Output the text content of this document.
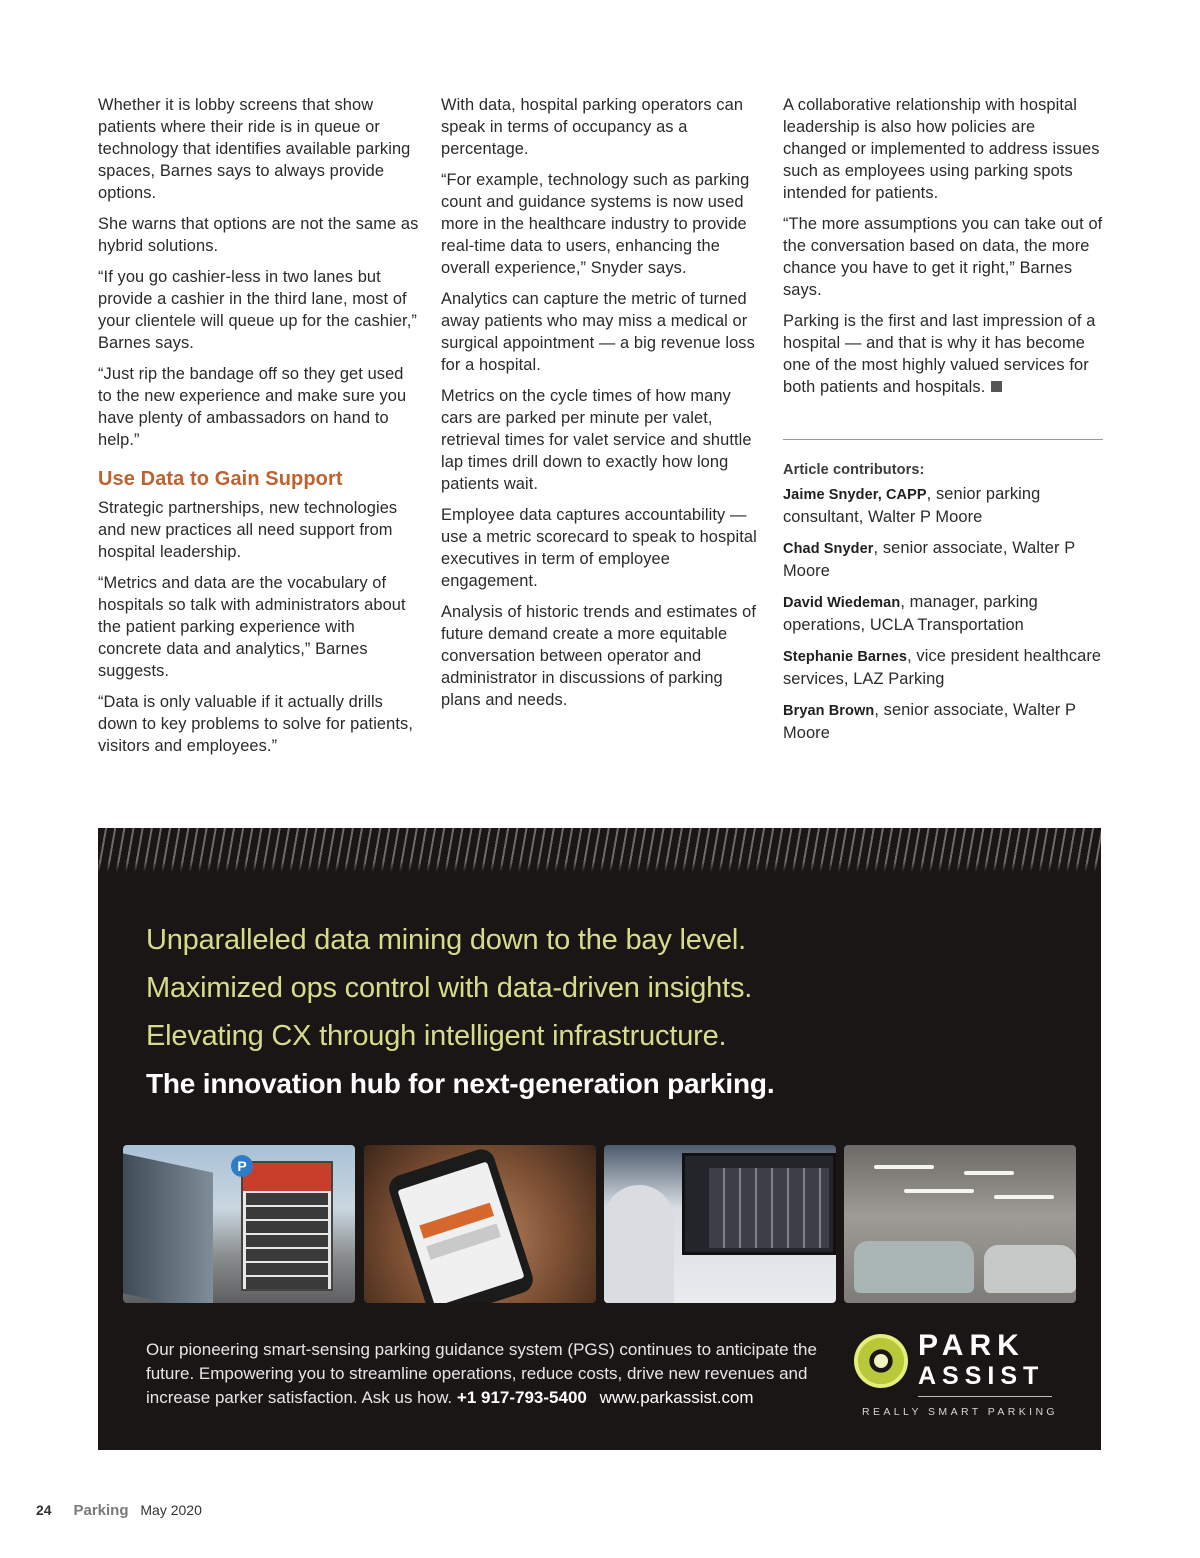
Whether it is lobby screens that show patients where their ride is in queue or technology that identifies available parking spaces, Barnes says to always provide options.

She warns that options are not the same as hybrid solutions.

“If you go cashier-less in two lanes but provide a cashier in the third lane, most of your clientele will queue up for the cashier,” Barnes says.

“Just rip the bandage off so they get used to the new experience and make sure you have plenty of ambassadors on hand to help.”

Use Data to Gain Support

Strategic partnerships, new technologies and new practices all need support from hospital leadership.

“Metrics and data are the vocabulary of hospitals so talk with administrators about the patient parking experience with concrete data and analytics,” Barnes suggests.

“Data is only valuable if it actually drills down to key problems to solve for patients, visitors and employees.”

With data, hospital parking operators can speak in terms of occupancy as a percentage.

“For example, technology such as parking count and guidance systems is now used more in the healthcare industry to provide real-time data to users, enhancing the overall experience,” Snyder says.

Analytics can capture the metric of turned away patients who may miss a medical or surgical appointment — a big revenue loss for a hospital.

Metrics on the cycle times of how many cars are parked per minute per valet, retrieval times for valet service and shuttle lap times drill down to exactly how long patients wait.

Employee data captures accountability — use a metric scorecard to speak to hospital executives in term of employee engagement.

Analysis of historic trends and estimates of future demand create a more equitable conversation between operator and administrator in discussions of parking plans and needs.

A collaborative relationship with hospital leadership is also how policies are changed or implemented to address issues such as employees using parking spots intended for patients.

“The more assumptions you can take out of the conversation based on data, the more chance you have to get it right,” Barnes says.

Parking is the first and last impression of a hospital — and that is why it has become one of the most highly valued services for both patients and hospitals.

Article contributors:

Jaime Snyder, CAPP, senior parking consultant, Walter P Moore

Chad Snyder, senior associate, Walter P Moore

David Wiedeman, manager, parking operations, UCLA Transportation

Stephanie Barnes, vice president healthcare services, LAZ Parking

Bryan Brown, senior associate, Walter P Moore

Unparalleled data mining down to the bay level.
Maximized ops control with data-driven insights.
Elevating CX through intelligent infrastructure.
The innovation hub for next-generation parking.
P
Our pioneering smart-sensing parking guidance system (PGS) continues to anticipate the future. Empowering you to streamline operations, reduce costs, drive new revenues and increase parker satisfaction. Ask us how. +1 917-793-5400 www.parkassist.com
PARK
ASSIST
REALLY SMART PARKING
24 Parking May 2020
